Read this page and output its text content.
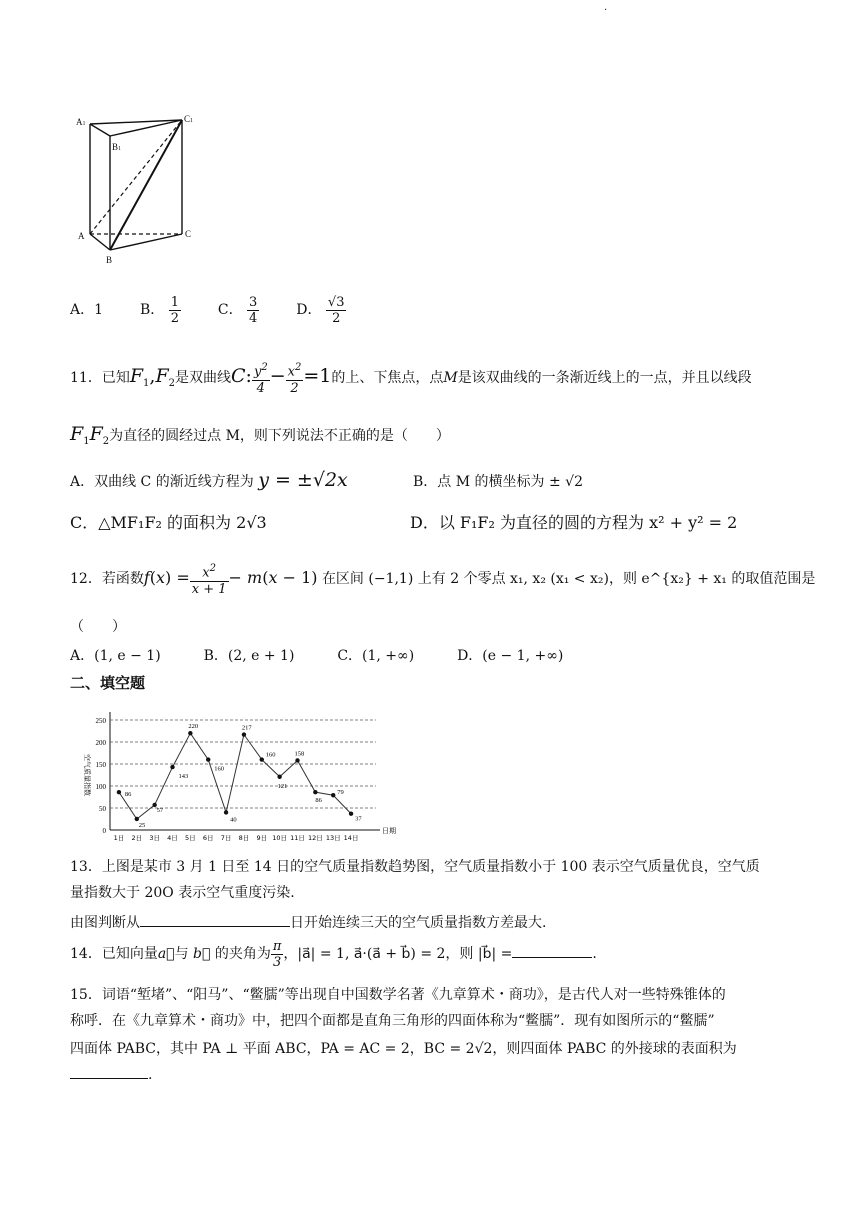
.
A1
B1
C1
A
B
C
A．1	B． $\frac{1}{2}$	C． $\frac{3}{4}$	D． $\frac{√3}{2}$
11．已知$F_1,F_2$是双曲线C: $\frac{y^2}{4} - \frac{x^2}{2} =1$的上、下焦点，点M是该双曲线的一条渐近线上的一点，并且以线段
$F_1F_2$为直径的圆经过点 M，则下列说法不正确的是（　　）
A．双曲线 C 的渐近线方程为 y = ±√2x	B．点 M 的横坐标为 ± √2
C．△MF₁F₂ 的面积为 2√3	D．以 F₁F₂ 为直径的圆的方程为 x² + y² = 2
12．若函数$f(x) = \frac{x^2}{x + 1} - m(x - 1)$ 在区间 (−1,1) 上有 2 个零点 x₁, x₂ (x₁ < x₂)，则 e^{x₂} + x₁ 的取值范围是
（　　）
A．(1, e − 1)	B．(2, e + 1)	C．(1, +∞)	D．(e − 1, +∞)
二、填空题
0
50
100
150
200
250
空气质量指数
日期
1日
86
2日
25
3日
57
4日
143
5日
220
6日
160
7日
40
8日
217
9日
160
10日
121
11日
158
12日
86
13日
79
14日
37
13．上图是某市 3 月 1 日至 14 日的空气质量指数趋势图，空气质量指数小于 100 表示空气质量优良，空气质
量指数大于 20O 表示空气重度污染.
由图判断从	日开始连续三天的空气质量指数方差最大.
14．已知向量a⃗与 b⃗ 的夹角为 $\frac{\pi}{3}$ ，|a⃗| = 1, a⃗·(a⃗ + b⃗) = 2，则 |b⃗| =	.
15．词语“堑堵”、“阳马”、“鳖臑”等出现自中国数学名著《九章算术・商功》，是古代人对一些特殊锥体的
称呼．在《九章算术・商功》中，把四个面都是直角三角形的四面体称为“鳖臑”．现有如图所示的“鳖臑”
四面体 PABC，其中 PA ⊥ 平面 ABC，PA = AC = 2，BC = 2√2，则四面体 PABC 的外接球的表面积为
.
